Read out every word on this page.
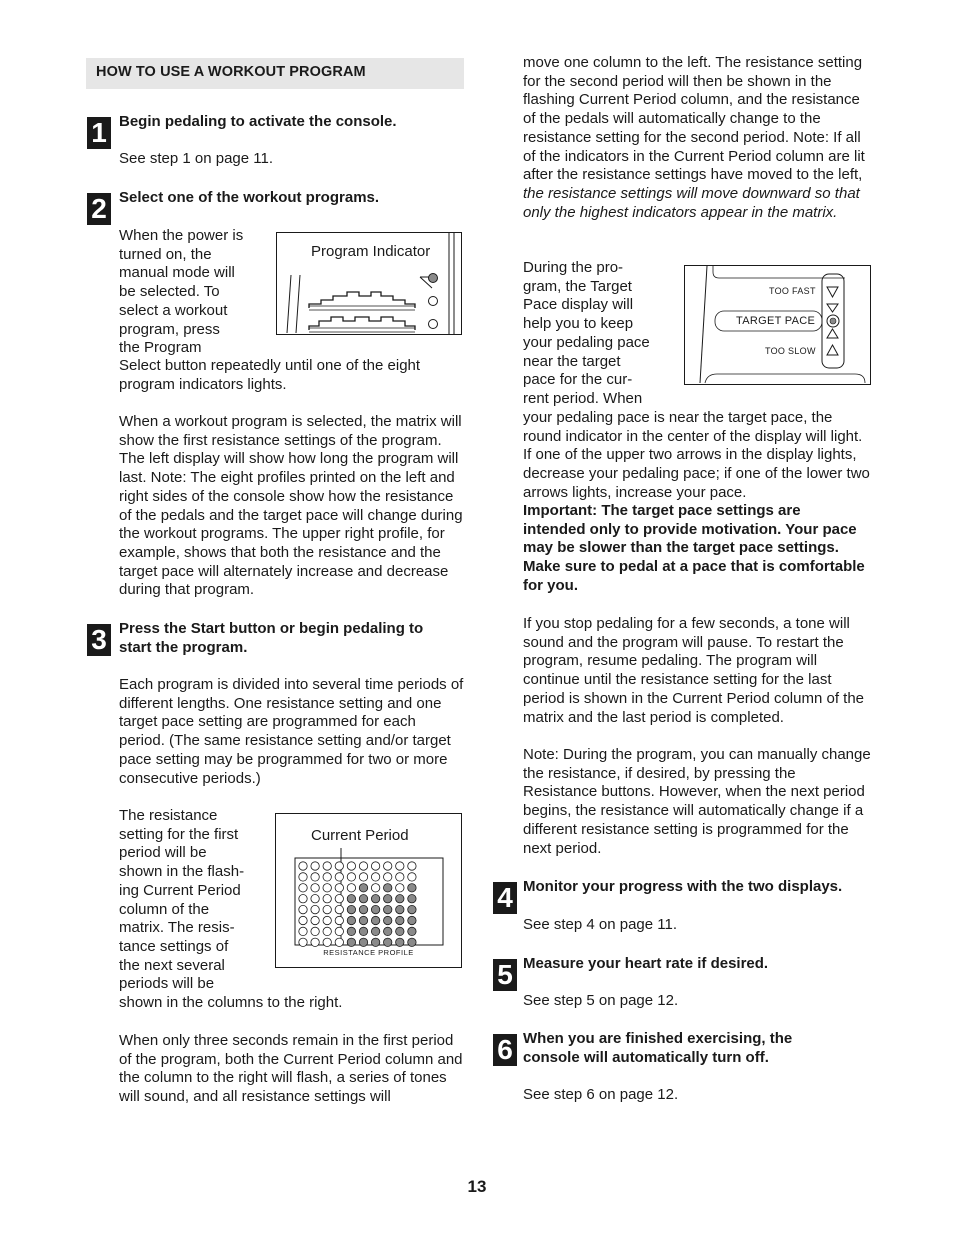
HOW TO USE A WORKOUT PROGRAM
1 Begin pedaling to activate the console.

See step 1 on page 11.

2 Select one of the workout programs.

When the power is

turned on, the

manual mode will

be selected. To

select a workout

program, press

the Program

Select button repeatedly until one of the eight program indicators lights.

When a workout program is selected, the matrix will show the first resistance settings of the program. The left display will show how long the program will last. Note: The eight profiles printed on the left and right sides of the console show how the resistance of the pedals and the target pace will change during the workout programs. The upper right profile, for example, shows that both the resistance and the target pace will alternately increase and decrease during that program.

Program Indicator
3 Press the Start button or begin pedaling to start the program.

Each program is divided into several time periods of different lengths. One resistance setting and one target pace setting are programmed for each period. (The same resistance setting and/or target pace setting may be programmed for two or more consecutive periods.)

The resistance

setting for the first

period will be

shown in the flash-

ing Current Period

column of the

matrix. The resis-

tance settings of

the next several

periods will be

shown in the columns to the right.

When only three seconds remain in the first period of the program, both the Current Period column and the column to the right will flash, a series of tones will sound, and all resistance settings will

Current Period
RESISTANCE PROFILE

move one column to the left. The resistance setting for the second period will then be shown in the flashing Current Period column, and the resistance of the pedals will automatically change to the resistance setting for the second period. Note: If all of the indicators in the Current Period column are lit after the resistance settings have moved to the left, the resistance settings will move downward so that only the highest indicators appear in the matrix.

During the pro-

gram, the Target

Pace display will

help you to keep

your pedaling pace

near the target

pace for the cur-

rent period. When

your pedaling pace is near the target pace, the round indicator in the center of the display will light. If one of the upper two arrows in the display lights, decrease your pedaling pace; if one of the lower two arrows lights, increase your pace.

Important: The target pace settings are intended only to provide motivation. Your pace may be slower than the target pace settings. Make sure to pedal at a pace that is comfortable for you.

If you stop pedaling for a few seconds, a tone will sound and the program will pause. To restart the program, resume pedaling. The program will continue until the resistance setting for the last period is shown in the Current Period column of the matrix and the last period is completed.

Note: During the program, you can manually change the resistance, if desired, by pressing the Resistance buttons. However, when the next period begins, the resistance will automatically change if a different resistance setting is programmed for the next period.

TOO FAST
TARGET PACE
TOO SLOW
4 Monitor your progress with the two displays.

See step 4 on page 11.

5 Measure your heart rate if desired.

See step 5 on page 12.

6 When you are finished exercising, the console will automatically turn off.

See step 6 on page 12.

13
